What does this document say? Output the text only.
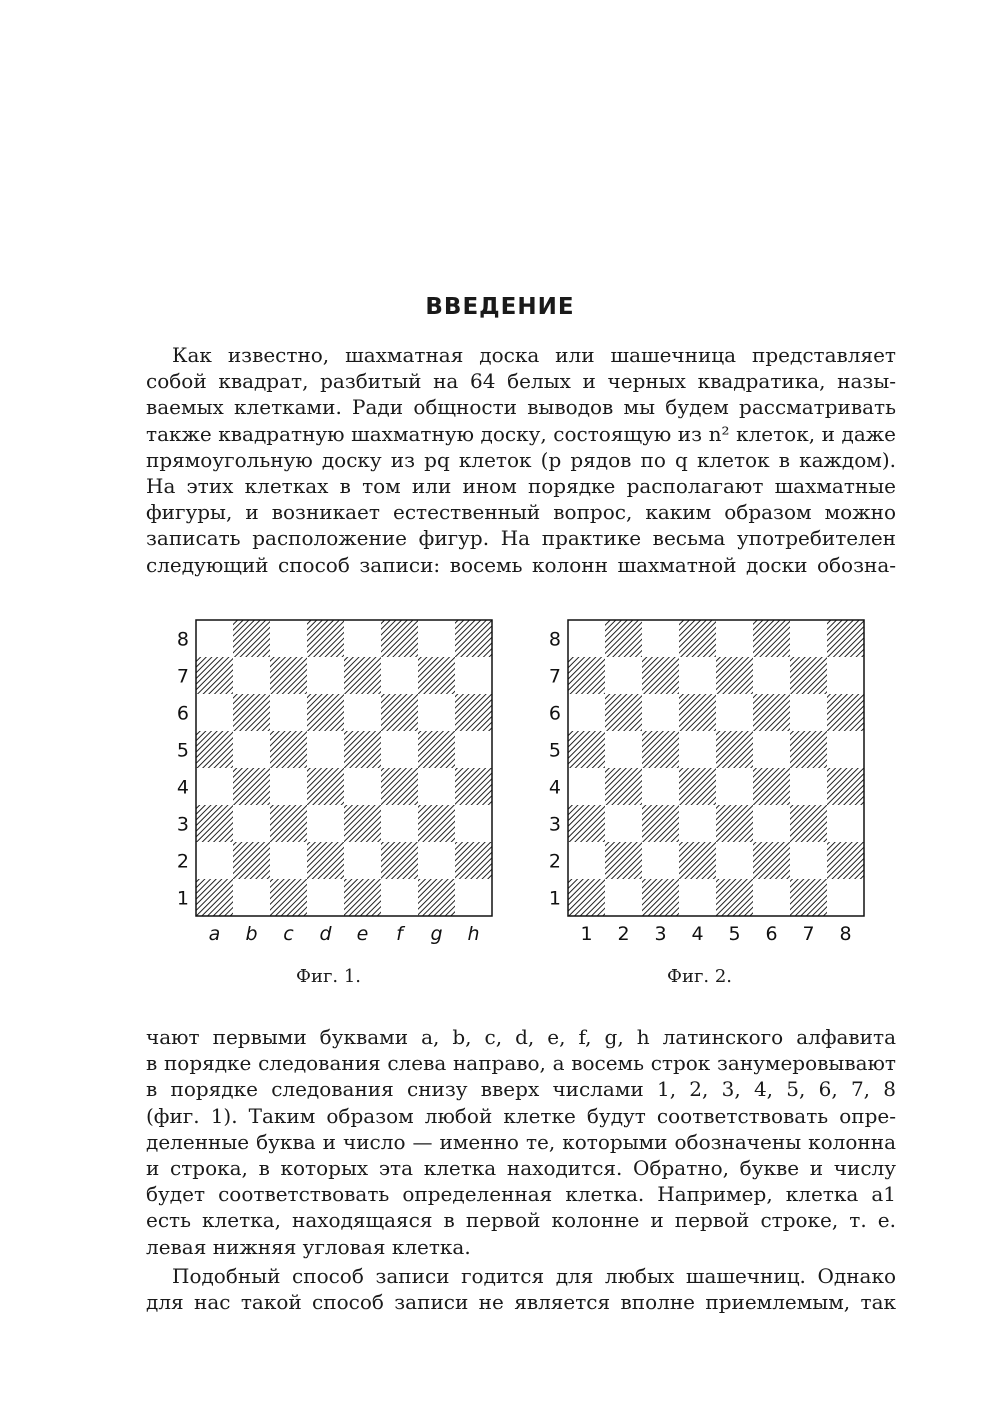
ВВЕДЕНИЕ
Как известно, шахматная доска или шашечница представляет
собой квадрат, разбитый на 64 белых и черных квадратика, назы-
ваемых клетками. Ради общности выводов мы будем рассматривать
также квадратную шахматную доску, состоящую из n² клеток, и даже
прямоугольную доску из pq клеток (p рядов по q клеток в каждом).
На этих клетках в том или ином порядке располагают шахматные
фигуры, и возникает естественный вопрос, каким образом можно
записать расположение фигур. На практике весьма употребителен
следующий способ записи: восемь колонн шахматной доски обозна-
8
7
6
5
4
3
2
1
a b c d e f g h
8
7
6
5
4
3
2
1
1 2 3 4 5 6 7 8
Фиг. 1.	Фиг. 2.
чают первыми буквами a, b, c, d, e, f, g, h латинского алфавита
в порядке следования слева направо, а восемь строк занумеровывают
в порядке следования снизу вверх числами 1, 2, 3, 4, 5, 6, 7, 8
(фиг. 1). Таким образом любой клетке будут соответствовать опре-
деленные буква и число — именно те, которыми обозначены колонна
и строка, в которых эта клетка находится. Обратно, букве и числу
будет соответствовать определенная клетка. Например, клетка a1
есть клетка, находящаяся в первой колонне и первой строке, т. е.
левая нижняя угловая клетка.
Подобный способ записи годится для любых шашечниц. Однако
для нас такой способ записи не является вполне приемлемым, так
